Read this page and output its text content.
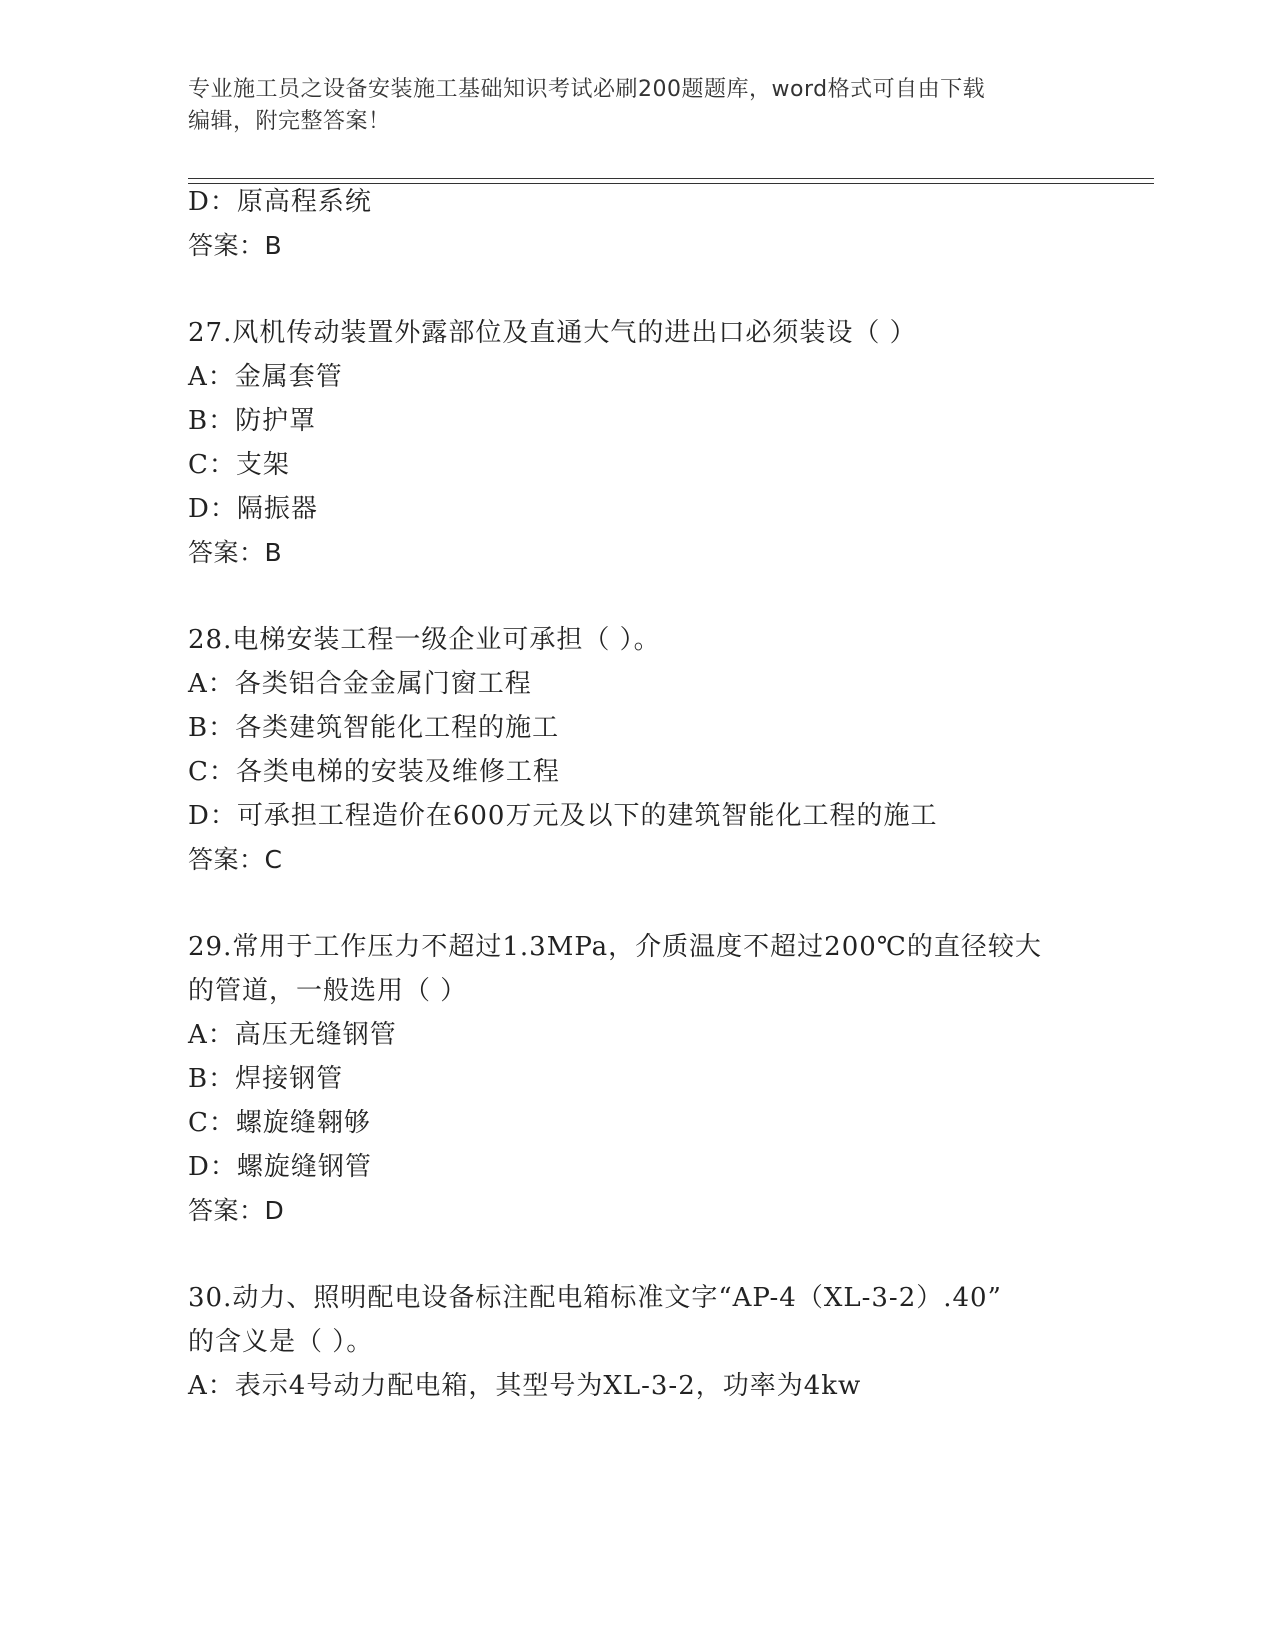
专业施工员之设备安装施工基础知识考试必刷200题题库，word格式可自由下载
编辑，附完整答案！
D：原高程系统
答案：B
27.风机传动装置外露部位及直通大气的进出口必须装设（ ）
A：金属套管
B：防护罩
C：支架
D：隔振器
答案：B
28.电梯安装工程一级企业可承担（ ）。
A：各类铝合金金属门窗工程
B：各类建筑智能化工程的施工
C：各类电梯的安装及维修工程
D：可承担工程造价在600万元及以下的建筑智能化工程的施工
答案：C
29.常用于工作压力不超过1.3MPa，介质温度不超过200℃的直径较大
的管道，一般选用（ ）
A：高压无缝钢管
B：焊接钢管
C：螺旋缝翱够
D：螺旋缝钢管
答案：D
30.动力、照明配电设备标注配电箱标准文字“AP-4（XL-3-2）.40”
的含义是（ ）。
A：表示4号动力配电箱，其型号为XL-3-2，功率为4kw
